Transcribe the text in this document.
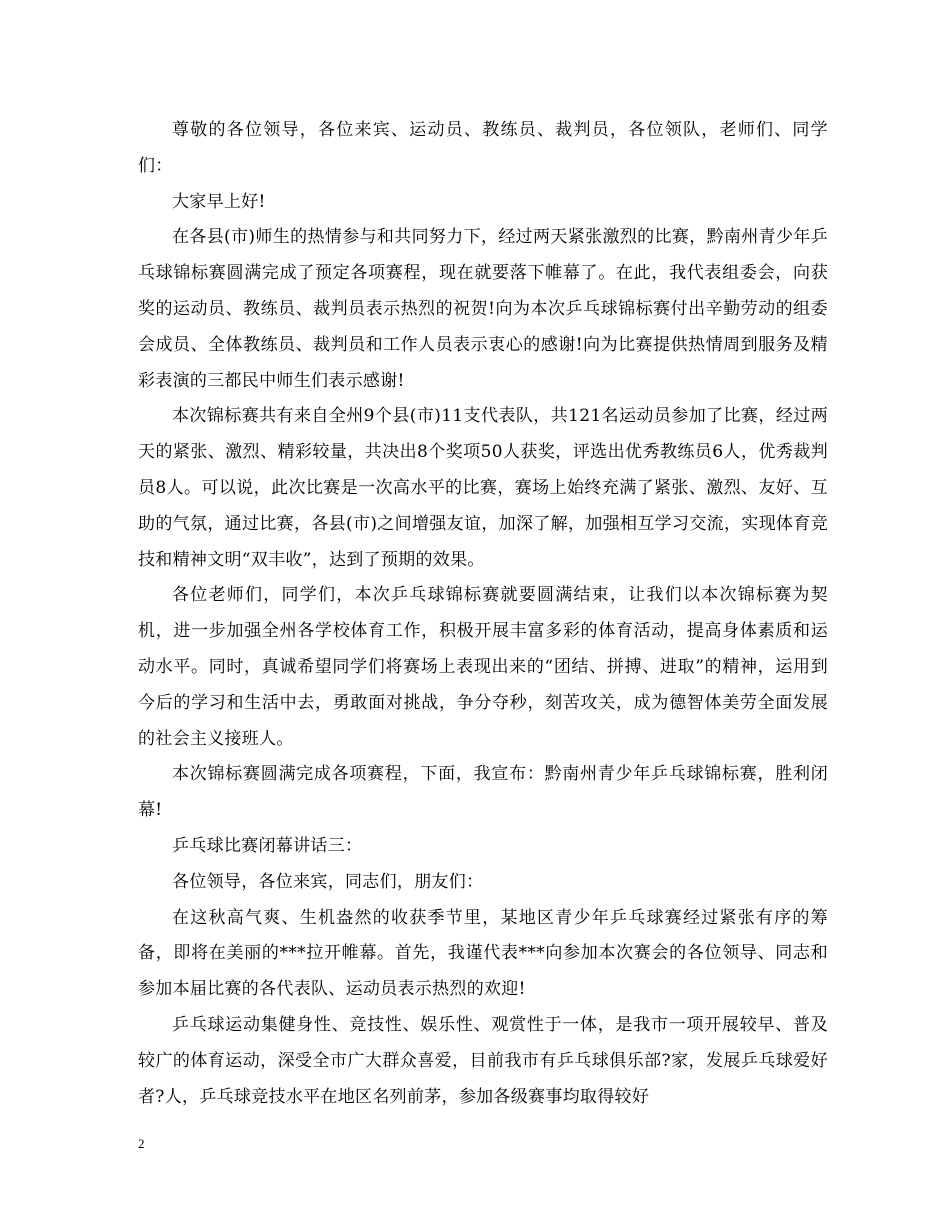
尊敬的各位领导，各位来宾、运动员、教练员、裁判员，各位领队，老师们、同学们：

大家早上好!

在各县(市)师生的热情参与和共同努力下，经过两天紧张激烈的比赛，黔南州青少年乒乓球锦标赛圆满完成了预定各项赛程，现在就要落下帷幕了。在此，我代表组委会，向获奖的运动员、教练员、裁判员表示热烈的祝贺!向为本次乒乓球锦标赛付出辛勤劳动的组委会成员、全体教练员、裁判员和工作人员表示衷心的感谢!向为比赛提供热情周到服务及精彩表演的三都民中师生们表示感谢!

本次锦标赛共有来自全州9个县(市)11支代表队，共121名运动员参加了比赛，经过两天的紧张、激烈、精彩较量，共决出8个奖项50人获奖，评选出优秀教练员6人，优秀裁判员8人。可以说，此次比赛是一次高水平的比赛，赛场上始终充满了紧张、激烈、友好、互助的气氛，通过比赛，各县(市)之间增强友谊，加深了解，加强相互学习交流，实现体育竞技和精神文明“双丰收”，达到了预期的效果。

各位老师们，同学们，本次乒乓球锦标赛就要圆满结束，让我们以本次锦标赛为契机，进一步加强全州各学校体育工作，积极开展丰富多彩的体育活动，提高身体素质和运动水平。同时，真诚希望同学们将赛场上表现出来的“团结、拼搏、进取”的精神，运用到今后的学习和生活中去，勇敢面对挑战，争分夺秒，刻苦攻关，成为德智体美劳全面发展的社会主义接班人。

本次锦标赛圆满完成各项赛程，下面，我宣布：黔南州青少年乒乓球锦标赛，胜利闭幕!

乒乓球比赛闭幕讲话三：

各位领导，各位来宾，同志们，朋友们：

在这秋高气爽、生机盎然的收获季节里，某地区青少年乒乓球赛经过紧张有序的筹备，即将在美丽的***拉开帷幕。首先，我谨代表***向参加本次赛会的各位领导、同志和参加本届比赛的各代表队、运动员表示热烈的欢迎!

乒乓球运动集健身性、竞技性、娱乐性、观赏性于一体，是我市一项开展较早、普及较广的体育运动，深受全市广大群众喜爱，目前我市有乒乓球俱乐部?家，发展乒乓球爱好者?人，乒乓球竞技水平在地区名列前茅，参加各级赛事均取得较好

2
